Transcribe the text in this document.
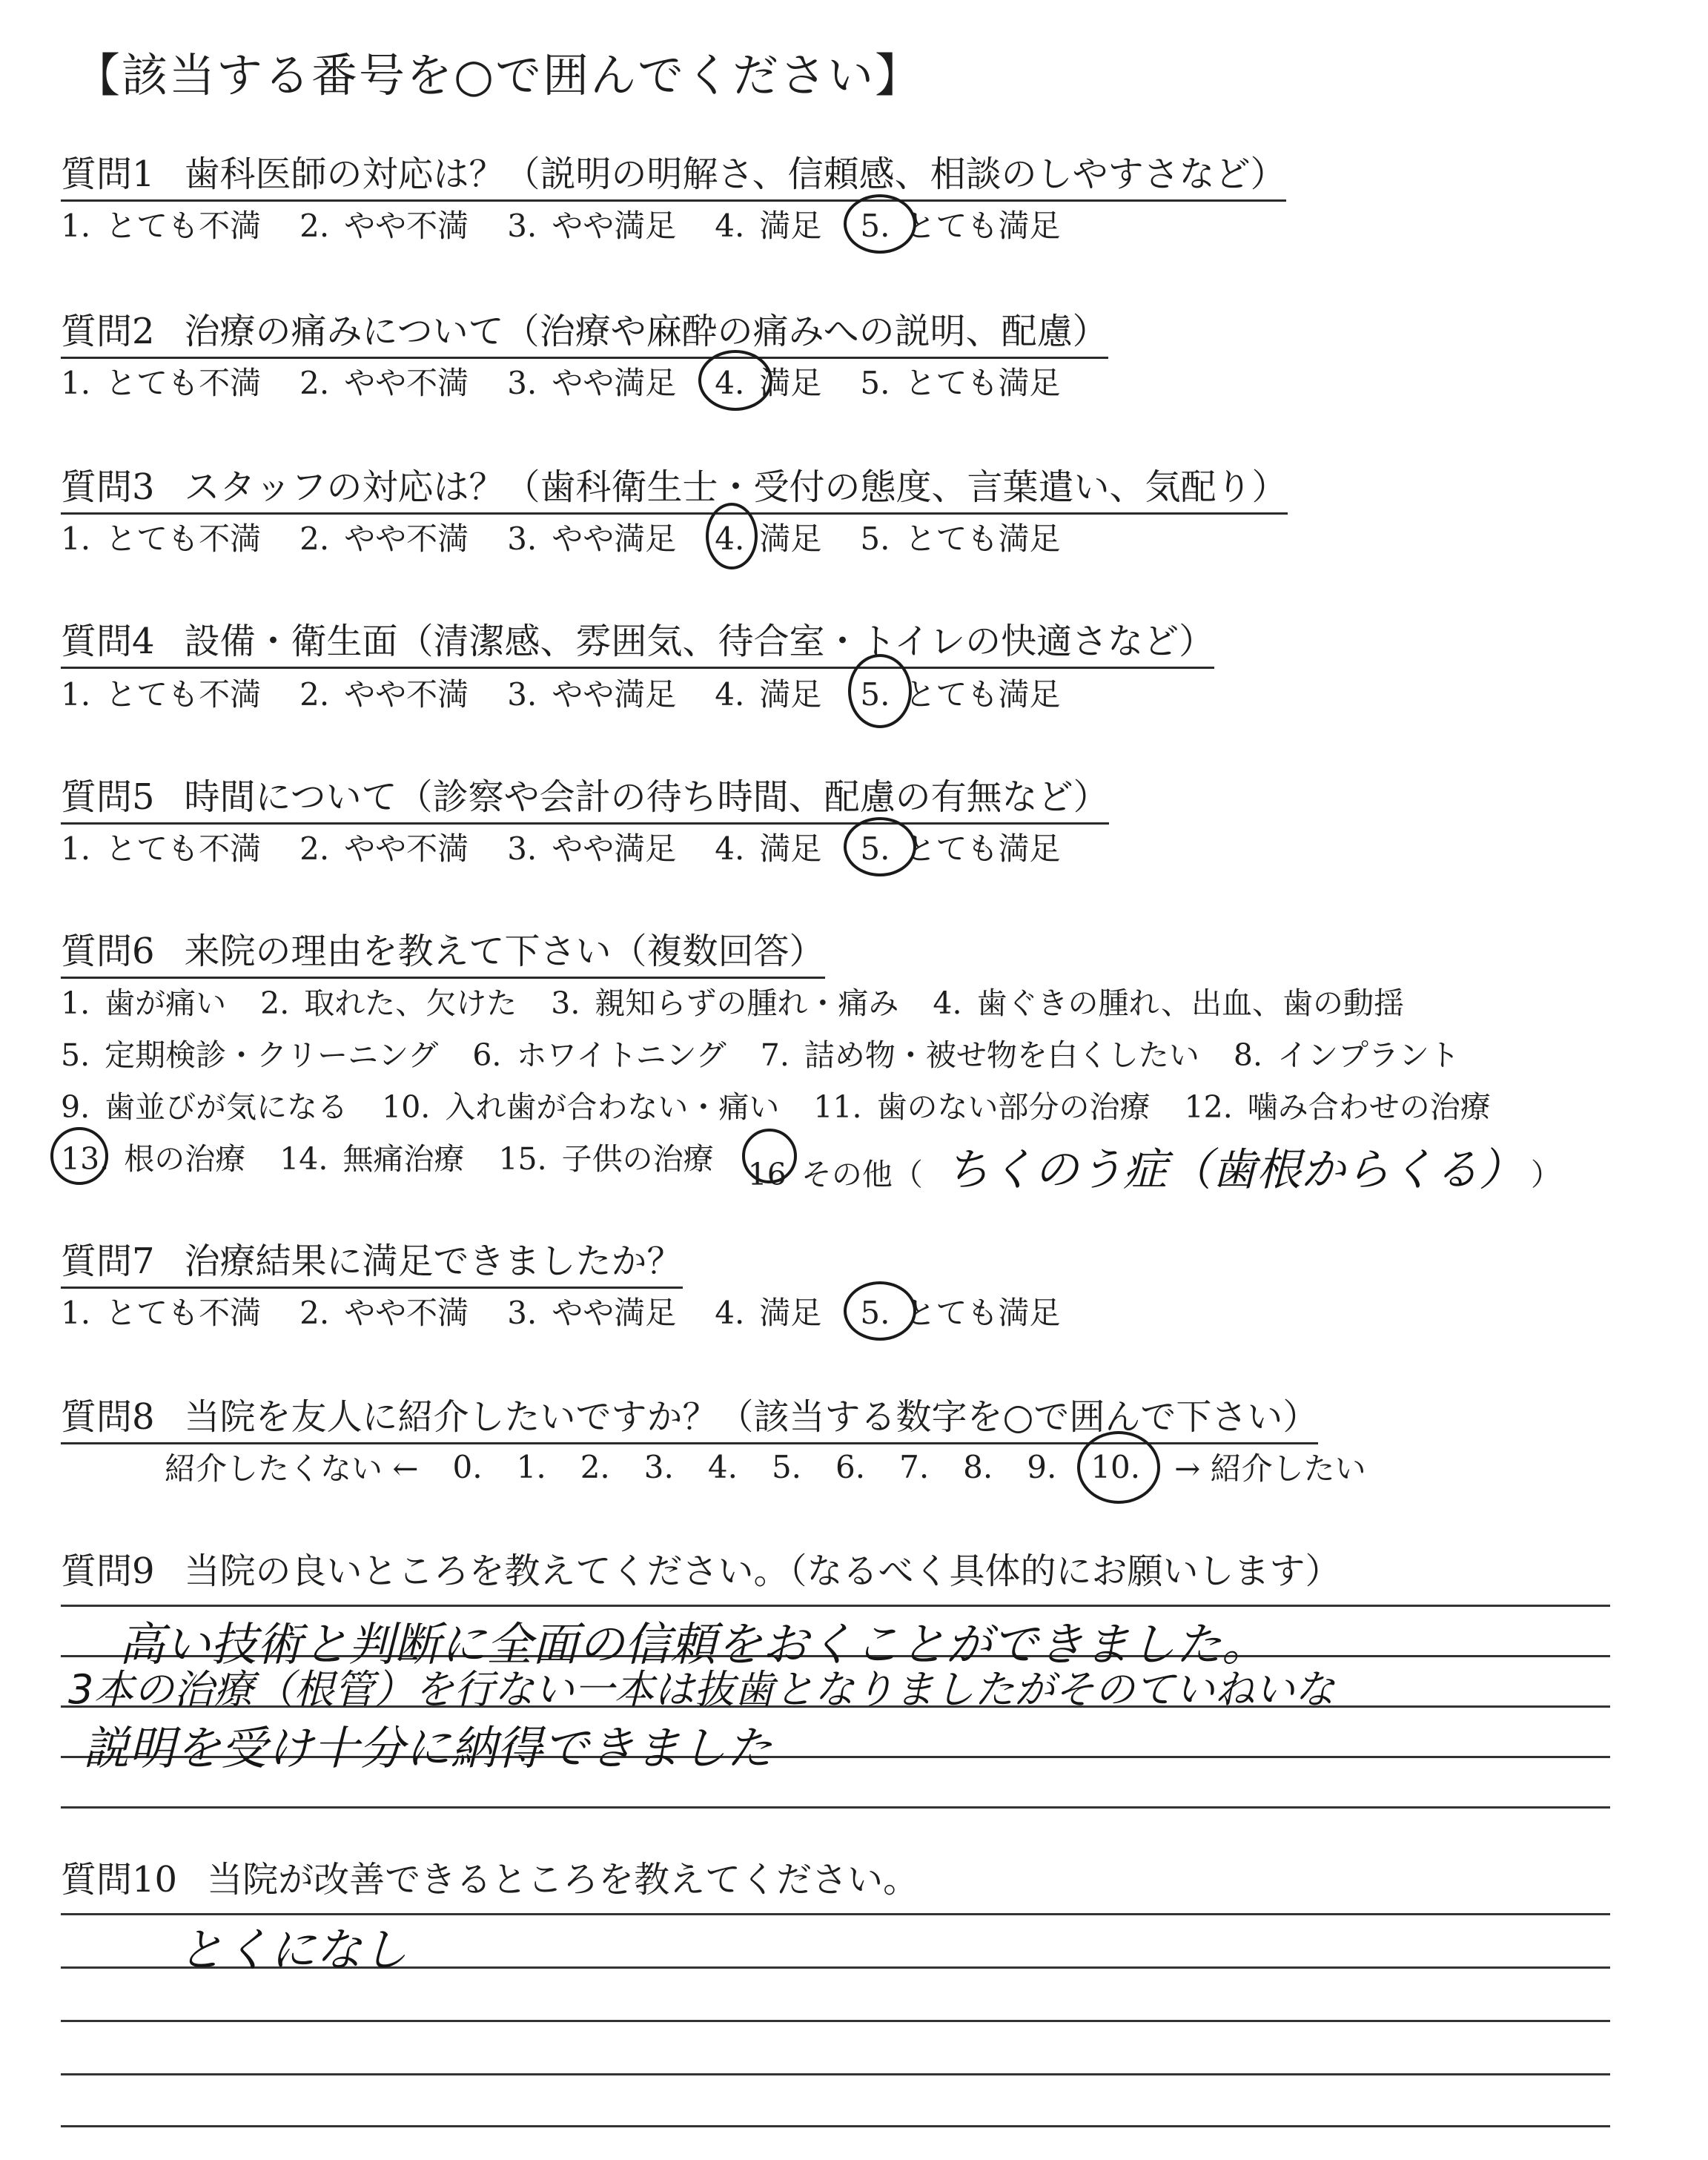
【該当する番号を○で囲んでください】
質問1 歯科医師の対応は？（説明の明解さ、信頼感、相談のしやすさなど）
1. とても不満 2. やや不満 3. やや満足 4. 満足 5. とても満足
質問2 治療の痛みについて（治療や麻酔の痛みへの説明、配慮）
1. とても不満 2. やや不満 3. やや満足 4. 満足 5. とても満足
質問3 スタッフの対応は？（歯科衛生士・受付の態度、言葉遣い、気配り）
1. とても不満 2. やや不満 3. やや満足 4. 満足 5. とても満足
質問4 設備・衛生面（清潔感、雰囲気、待合室・トイレの快適さなど）
1. とても不満 2. やや不満 3. やや満足 4. 満足 5. とても満足
質問5 時間について（診察や会計の待ち時間、配慮の有無など）
1. とても不満 2. やや不満 3. やや満足 4. 満足 5. とても満足
質問6 来院の理由を教えて下さい（複数回答）
1. 歯が痛い 2. 取れた、欠けた 3. 親知らずの腫れ・痛み 4. 歯ぐきの腫れ、出血、歯の動揺
5. 定期検診・クリーニング 6. ホワイトニング 7. 詰め物・被せ物を白くしたい 8. インプラント
9. 歯並びが気になる 10. 入れ歯が合わない・痛い 11. 歯のない部分の治療 12. 噛み合わせの治療
13. 根の治療 14. 無痛治療 15. 子供の治療 16 その他（ ちくのう症（歯根からくる） ）
質問7 治療結果に満足できましたか？
1. とても不満 2. やや不満 3. やや満足 4. 満足 5. とても満足
質問8 当院を友人に紹介したいですか？（該当する数字を○で囲んで下さい）
紹介したくない ← 0. 1. 2. 3. 4. 5. 6. 7. 8. 9. 10. → 紹介したい
質問9 当院の良いところを教えてください。（なるべく具体的にお願いします）
高い技術と判断に全面の信頼をおくことができました。
3本の治療（根管）を行ない一本は抜歯となりましたがそのていねいな
説明を受け十分に納得できました
質問10 当院が改善できるところを教えてください。
とくになし
